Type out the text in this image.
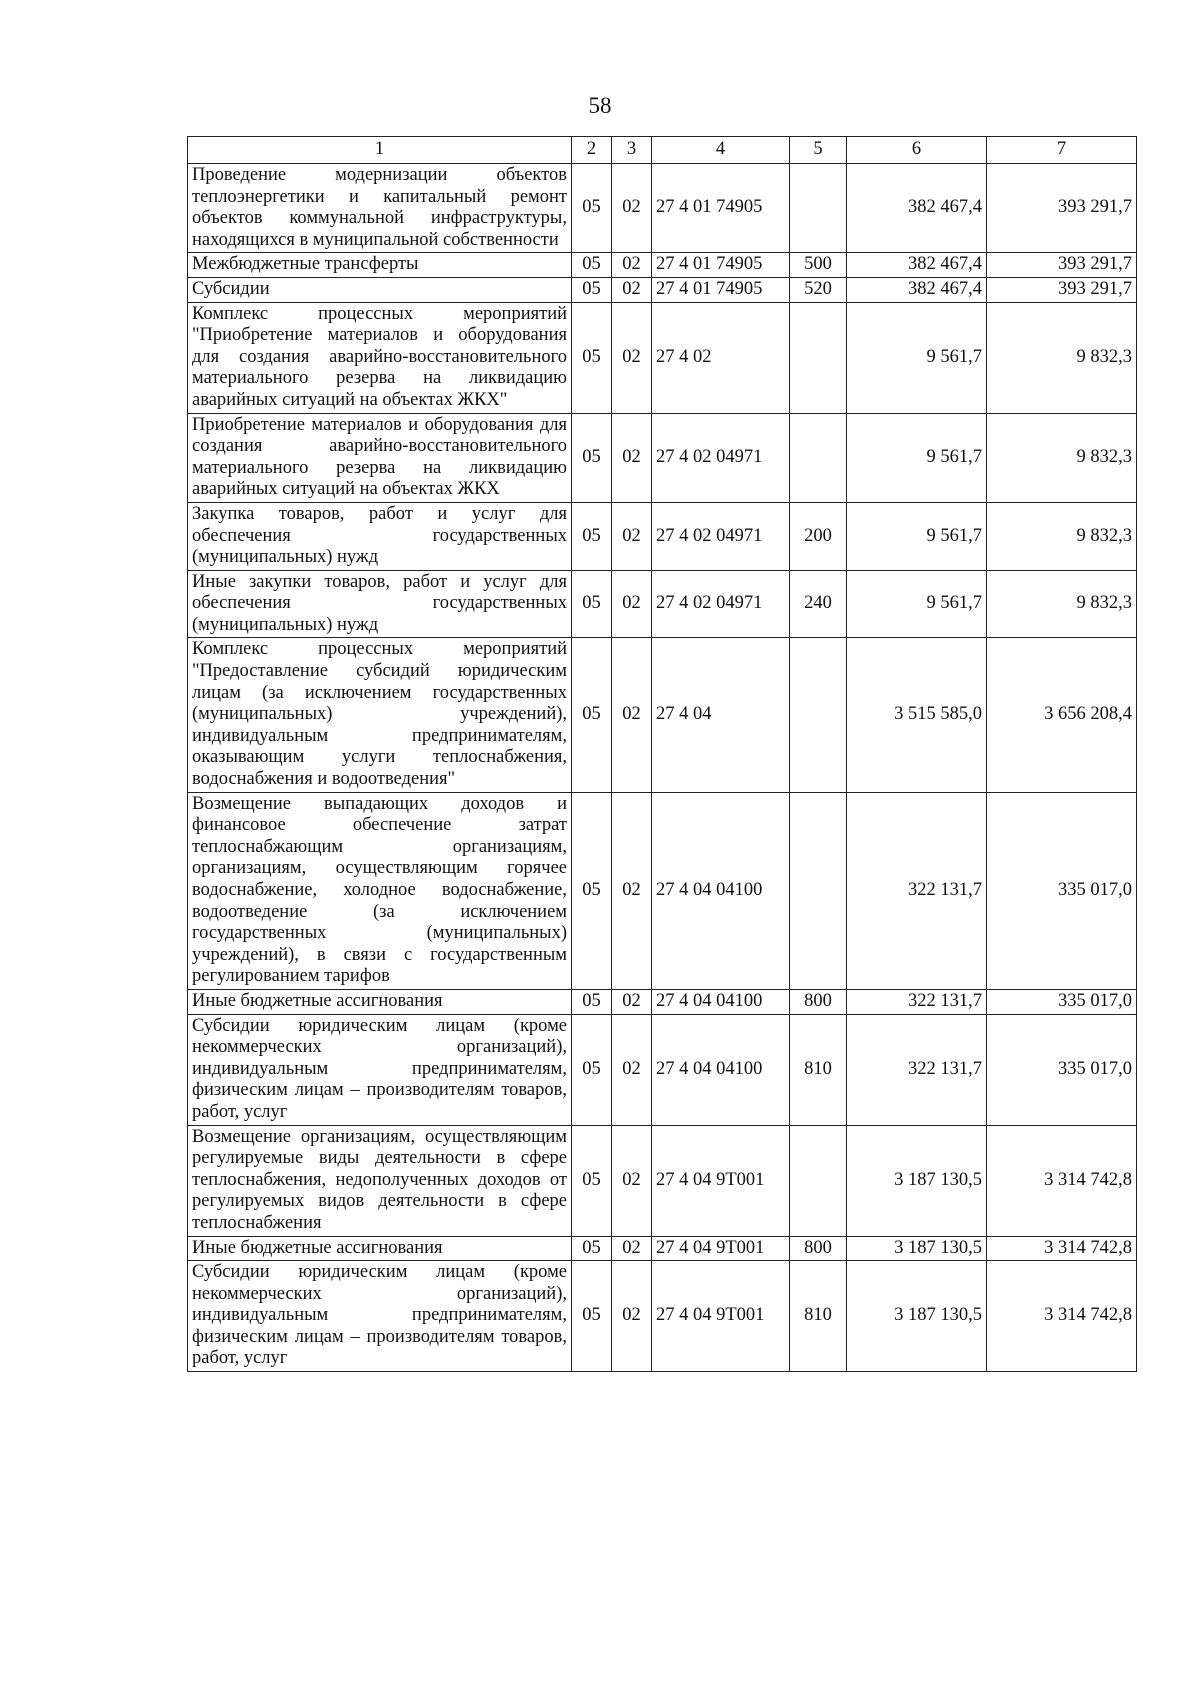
58
1	2	3	4	5	6	7
Проведение модернизации объектов теплоэнергетики и капитальный ремонт объектов коммунальной инфраструктуры, находящихся в муниципальной собственности	05	02	27 4 01 74905		382 467,4	393 291,7
Межбюджетные трансферты	05	02	27 4 01 74905	500	382 467,4	393 291,7
Субсидии	05	02	27 4 01 74905	520	382 467,4	393 291,7
Комплекс процессных мероприятий "Приобретение материалов и оборудования для создания аварийно-восстановительного материального резерва на ликвидацию аварийных ситуаций на объектах ЖКХ"	05	02	27 4 02		9 561,7	9 832,3
Приобретение материалов и оборудования для создания аварийно-восстановительного материального резерва на ликвидацию аварийных ситуаций на объектах ЖКХ	05	02	27 4 02 04971		9 561,7	9 832,3
Закупка товаров, работ и услуг для обеспечения государственных (муниципальных) нужд	05	02	27 4 02 04971	200	9 561,7	9 832,3
Иные закупки товаров, работ и услуг для обеспечения государственных (муниципальных) нужд	05	02	27 4 02 04971	240	9 561,7	9 832,3
Комплекс процессных мероприятий "Предоставление субсидий юридическим лицам (за исключением государственных (муниципальных) учреждений), индивидуальным предпринимателям, оказывающим услуги теплоснабжения, водоснабжения и водоотведения"	05	02	27 4 04		3 515 585,0	3 656 208,4
Возмещение выпадающих доходов и финансовое обеспечение затрат теплоснабжающим организациям, организациям, осуществляющим горячее водоснабжение, холодное водоснабжение, водоотведение (за исключением государственных (муниципальных) учреждений), в связи с государственным регулированием тарифов	05	02	27 4 04 04100		322 131,7	335 017,0
Иные бюджетные ассигнования	05	02	27 4 04 04100	800	322 131,7	335 017,0
Субсидии юридическим лицам (кроме некоммерческих организаций), индивидуальным предпринимателям, физическим лицам – производителям товаров, работ, услуг	05	02	27 4 04 04100	810	322 131,7	335 017,0
Возмещение организациям, осуществляющим регулируемые виды деятельности в сфере теплоснабжения, недополученных доходов от регулируемых видов деятельности в сфере теплоснабжения	05	02	27 4 04 9Т001		3 187 130,5	3 314 742,8
Иные бюджетные ассигнования	05	02	27 4 04 9Т001	800	3 187 130,5	3 314 742,8
Субсидии юридическим лицам (кроме некоммерческих организаций), индивидуальным предпринимателям, физическим лицам – производителям товаров, работ, услуг	05	02	27 4 04 9Т001	810	3 187 130,5	3 314 742,8
